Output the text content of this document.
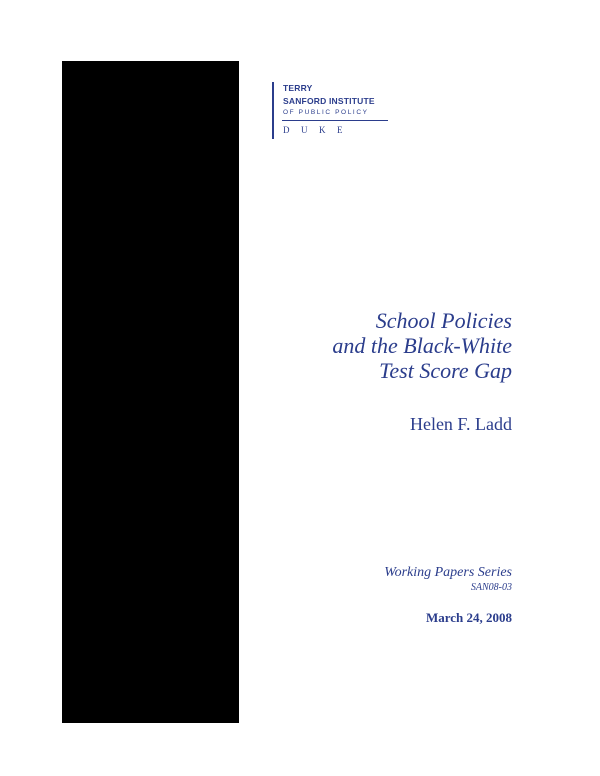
TERRY
SANFORD INSTITUTE
OF PUBLIC POLICY
DUKE
School Policies
and the Black-White
Test Score Gap
Helen F. Ladd
Working Papers Series
SAN08-03
March 24, 2008
